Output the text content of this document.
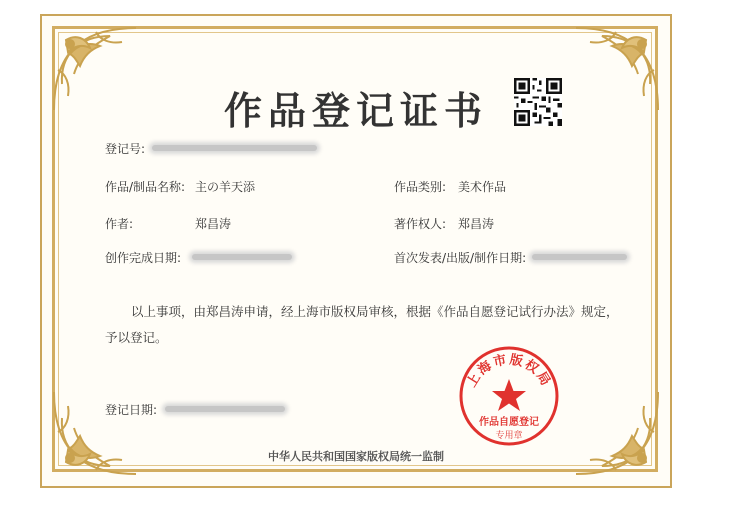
作品登记证书
登记号:
作品/制品名称: 主の羊天添	作品类别: 美术作品
作者:	郑昌涛	著作权人: 郑昌涛
创作完成日期:	首次发表/出版/制作日期:
以上事项，由郑昌涛申请，经上海市版权局审核，根据《作品自愿登记试行办法》规定，予以登记。
登记日期:
上海市版权局
作品自愿登记
专用章
中华人民共和国国家版权局统一监制
